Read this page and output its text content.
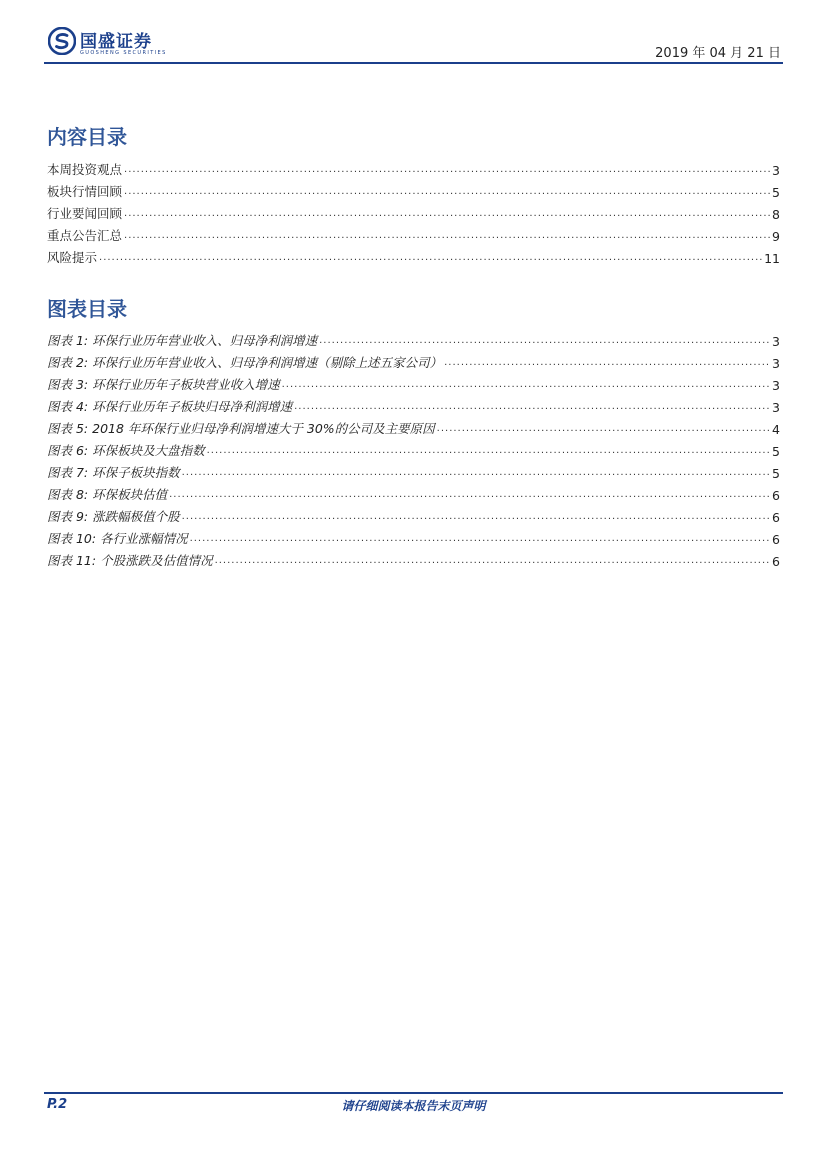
国盛证券
GUOSHENG SECURITIES	2019 年 04 月 21 日
内容目录
本周投资观点 .....	3
板块行情回顾 .....	5
行业要闻回顾 .....	8
重点公告汇总 .....	9
风险提示 .....	11
图表目录
图表 1: 环保行业历年营业收入、归母净利润增速 .....	3
图表 2: 环保行业历年营业收入、归母净利润增速（剔除上述五家公司） .....	3
图表 3: 环保行业历年子板块营业收入增速 .....	3
图表 4: 环保行业历年子板块归母净利润增速 .....	3
图表 5: 2018 年环保行业归母净利润增速大于 30%的公司及主要原因 .....	4
图表 6: 环保板块及大盘指数 .....	5
图表 7: 环保子板块指数 .....	5
图表 8: 环保板块估值 .....	6
图表 9: 涨跌幅极值个股 .....	6
图表 10: 各行业涨幅情况 .....	6
图表 11: 个股涨跌及估值情况 .....	6
P.2	请仔细阅读本报告末页声明
